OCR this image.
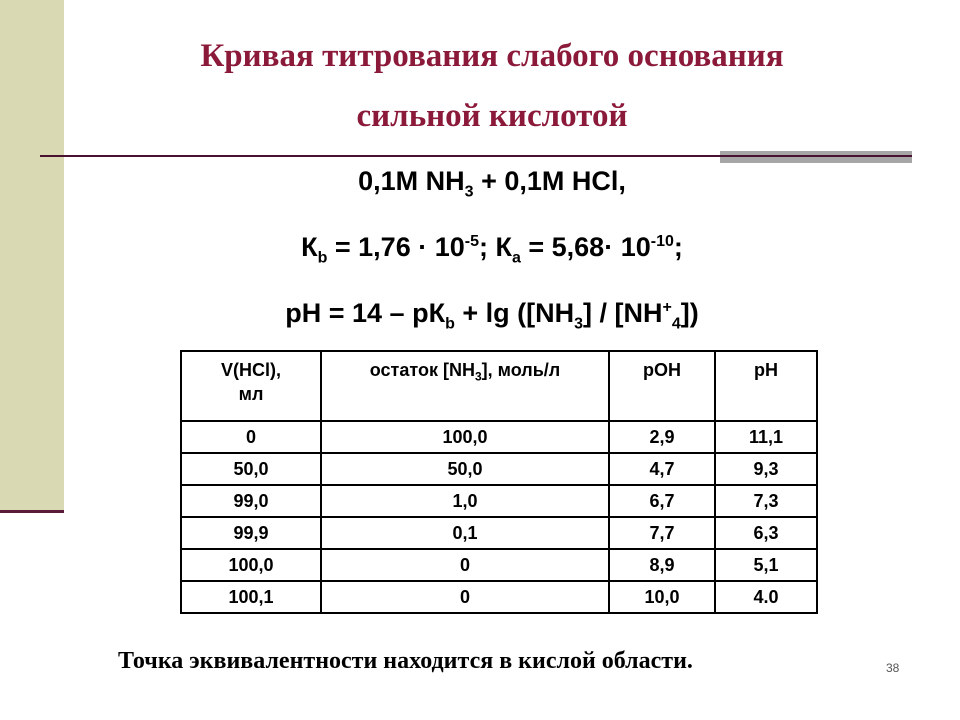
Кривая титрования слабого основания
сильной кислотой
0,1М $NH_3 + 0,1М$ HCl,
$К_b = 1,76 \cdot 10^{-5}$; $К_a = 5,68\cdot 10^{-10}$;
pH = $14 - pК_b + \lg ([NH_3] / [NH^+_4])$
V(HCl),
мл	остаток $[NH_3]$, моль/л	pOH	pH
0	100,0	2,9	11,1
50,0	50,0	4,7	9,3
99,0	1,0	6,7	7,3
99,9	0,1	7,7	6,3
100,0	0	8,9	5,1
100,1	0	10,0	4.0
Точка эквивалентности находится в кислой области.	38
